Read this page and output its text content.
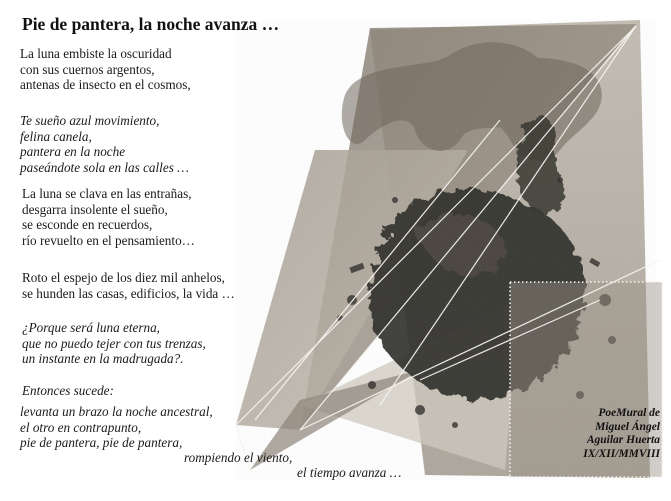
Pie de pantera, la noche avanza …
La luna embiste la oscuridad
con sus cuernos argentos,
antenas de insecto en el cosmos,
Te sueño azul movimiento,
felina canela,
pantera en la noche
paseándote sola en las calles …
La luna se clava en las entrañas,
desgarra insolente el sueño,
se esconde en recuerdos,
río revuelto en el pensamiento…
Roto el espejo de los diez mil anhelos,
se hunden las casas, edificios, la vida …
¿Porque será luna eterna,
que no puedo tejer con tus trenzas,
un instante en la madrugada?.
Entonces sucede:
levanta un brazo la noche ancestral,
el otro en contrapunto,
pie de pantera, pie de pantera,
rompiendo el viento,
el tiempo avanza …
PoeMural de
Miguel Ángel
Aguilar Huerta
IX/XII/MMVIII
